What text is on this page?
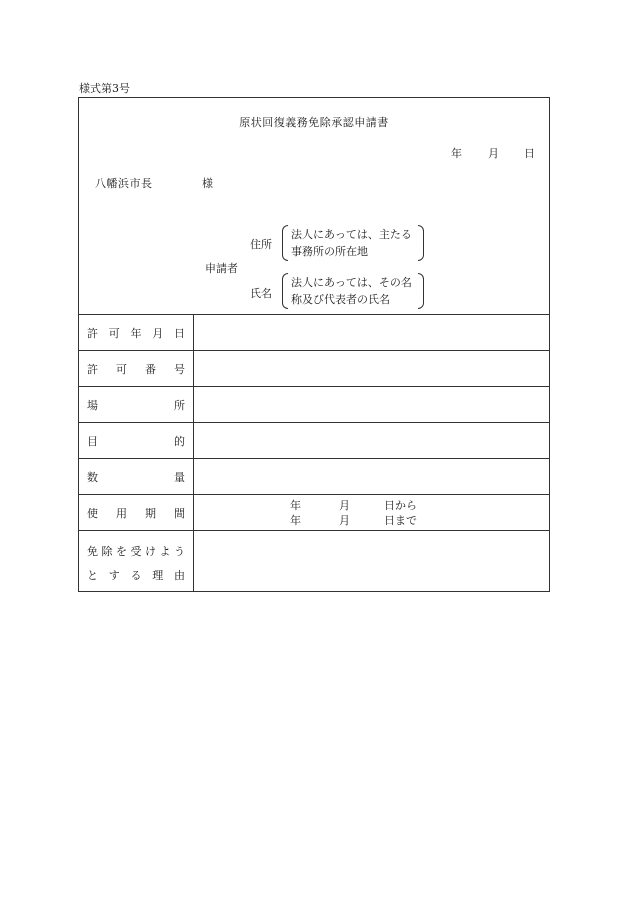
様式第3号
原状回復義務免除承認申請書
年 月 日
八幡浜市長	様
申請者
住所
法人にあっては、主たる
事務所の所在地
氏名
法人にあっては、その名
称及び代表者の氏名
許 可 年 月 日
許 可 番 号
場	所
目	的
数	量
使 用 期 間
年	月	日から
年	月	日まで
免 除 を 受 け よ う
と す る 理 由
